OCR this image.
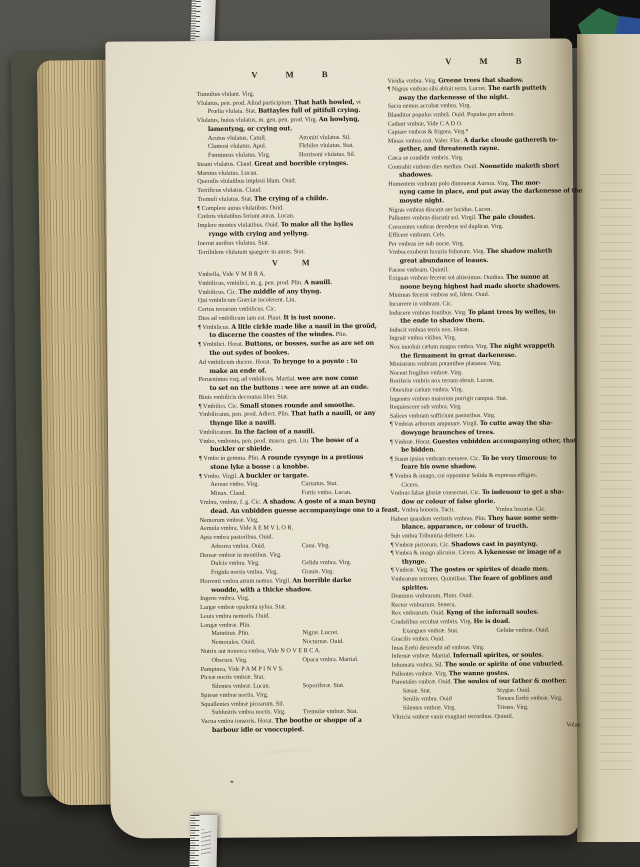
V M B
Tumultus vlulant. Virg.
Vlulatus, pen. prod. Aliud participium. That hath howled, vt
Prœlia vlulata. Stat. Battayles full of pitifull crying.
Vlulatus, huius vlulatus, m. gen. pen. prod. Virg. An howlyng,
lamentyng, or crying out.
Acutus vlulatus. Catull.	Attoniti vlulatus. Sil.
Clamosi vlulatus. Apul.	Flebiles vlulatus. Stat.
Fœmineus vlulatus. Virg.	Horrisoni vlulatus. Sil.
Insani vlulatus. Claud. Great and horrible cryinges.
Mœstus vlulatus. Lucan.
Querulis vlulatibus impleui Idam. Ouid.
Terrificus vlulatus. Claud.
Tremuli vlulatus. Stat. The crying of a childe.
¶ Complere auras vlulatibus. Ouid.
Crebris vlulatibus feriunt auras. Lucan.
Implere montes vlulatibus. Ouid. To make all the hylles
rynge with crying and yellyng.
Inerrat auribus vlulatus. Stat.
Terribilem vlulatum spargere in auras. Stat.
V M
Vmbella, Vide V M B R A.
Vmbilicus, vmbilici, m. g. pen. prod. Plin. A nauill.
Vmbilicus. Cic. The middle of any thyng.
Qui vmbilicum Græciæ incolerent. Liu.
Certus terrarum vmbilicus. Cic.
Dies ad vmbilicum iam est. Plaut. It is iust noone.
¶ Vmbilicus. A litle cirkle made like a nauil in the groũd,
to discerne the coastes of the windes. Plin.
¶ Vmbilici. Horat. Buttons, or bosses, suche as are set on
the out sydes of bookes.
Ad vmbilicum ducere. Horat. To brynge to a poynte : to
make an ende of.
Peruenimus vsq; ad vmbilicos. Martial. wee are now come
to set on the buttons : wee are nowe at an ende.
Binis vmbilicis decoratus liber. Stat.
¶ Vmbilici. Cic. Small stones rounde and smoothe.
Vmbilicatus, pen. prod. Adiect. Plin. That hath a nauill, or any
thynge like a nauill.
Vmbilicatum. In the facion of a nauill.
Vmbo, vmbonis, pen. prod. mascu. gen. Liu. The bosse of a
buckler or shielde.
¶ Vmbo in gemma. Plin. A rounde rysynge in a pretious
stone lyke a bosse : a knobbe.
¶ Vmbo. Virgil. A buckler or targate.
Aereus vmbo. Virg.	Curuatus. Stat.
Minax. Claud.	Fortis vmbo. Lucan.
Vmbra, vmbræ, f. g. Cic. A shadow. A goste of a man beyng
dead. An vnbidden guesse accompanyinge one to a feast.
Nemorum vmbræ. Virg.
Aemula vmbra, Vide A E M V L O R.
Apta vmbra pastoribus. Ouid.
Arborea vmbra. Ouid.	Caua. Virg.
Densæ vmbræ in montibus. Virg.
Dulcis vmbra. Virg.	Gelida vmbra. Virg.
Frigida noctis vmbra. Virg.	Grauis. Virg.
Horrenti vmbra atrum nemus. Virgil. An horrible darke
woodde, with a thicke shadow.
Ingens vmbra. Virg.
Largæ vmbræ opulenta sylua. Stat.
Leuis vmbra nemoris. Ouid.
Longæ vmbræ. Plin.
Matutinæ. Plin.	Nigræ. Lucret.
Nemorales. Ouid.	Nocturnæ. Ouid.
Nutrix aut nouerca vmbra, Vide N O V E R C A.
Obscura. Virg.	Opaca vmbra. Martial.
Pampinea, Vide P A M P I N V S.
Piceæ noctis vmbræ. Stat.
Silentes vmbræ. Lucan.	Soporiferæ. Stat.
Spissæ vmbræ noctis. Virg.
Squallentes vmbræ picearum. Sil.
Sublustris vmbra noctis. Virg.	Tremulæ vmbræ. Stat.
Vacua vmbra tonsoris. Horat. The boothe or shoppe of a
barbour idle or vnoccupied.
V M B
Viridia vmbra. Virg. Greene trees that shadow.
¶ Nigras vmbras sibi abluit terra. Lucret. The earth putteth
away the darkenesse of the night.
Sacra nemus accubat vmbra. Virg.
Blanditur populus vmbrâ. Ouid. Populus pro arbore.
Cadunt vmbræ, Vide C A D O.
Captare vmbras & frigora. Virg.
Minax vmbra coit. Valer. Flac. A darke cloude gathereth to-
gether, and threateneth rayne.
Cæca se condidit vmbris. Virg.
Contrahit vmbras dies medius. Ouid. Noonetide maketh short
shadowes.
Humentem vmbram polo dimouerat Aurora. Virg. The mor-
nyng came in place, and put away the darkenesse of the
moyste night.
Nigras vmbras discutit aer lucidus. Lucret.
Pallentes vmbras discutit sol. Virgil. The pale cloudes.
Crescentes vmbras decedens sol duplicat. Virg.
Efficere vmbram. Cels.
Per vmbras ire sub nocte. Virg.
Vmbra exuberat luxuria foliorum. Virg. The shadow maketh
great abundance of leaues.
Facere vmbram. Quintil.
Exiguas vmbras fecerat sol altissimus. Ouidius. The sunne at
noone beyng highest had made shorte shadowes.
Minimas fecerat vmbras sol, Idem. Ouid.
Incurrere in vmbram. Cic.
Inducere vmbras fontibus. Virg. To plant trees by welles, to
the ende to shadow them.
Inducit vmbras terris nox. Horat.
Ingruit vmbra vitibus. Virg.
Nox inuoluit cælum magna vmbra. Virg. The night wrappeth
the firmament in great darkenesse.
Ministrans vmbram potantibus platanus. Virg.
Nocent frugibus vmbræ. Virg.
Roriferis vmbris nox terram obruit. Lucret.
Obtexitur cælum vmbra. Virg.
Ingentes vmbras maiorum porrigit campus. Stat.
Requiescere sub vmbra. Virg.
Salices vmbram sufficiunt pastoribus. Virg.
¶ Vmbras arborum amputare. Virgil. To cutte away the sha-
dowynge braunches of trees.
¶ Vmbræ. Horat. Guestes vnbidden accompanying other, that
be bidden.
¶ Suam ipsius vmbram metuere. Cic. To be very timerous: to
feare his owne shadow.
¶ Vmbra & imago, cui opponitur Solida & expressa effigies.
Cicero.
Vmbras falsæ gloriæ consectari. Cic. To indeuour to get a sha-
dow or colour of false glorie.
Vmbra honoris. Tacit.	Vmbra luxuriæ. Cic.
Habent quasdam veritatis vmbras. Plin. They haue some sem-
blance, apparance, or colour of trueth.
Sub vmbra Tribunitia delitere. Liu.
¶ Vmbræ pictorum. Cic. Shadows cast in payntyng.
¶ Vmbra & imago alicuius. Cicero. A lykenesse or image of a
thynge.
¶ Vmbræ. Virg. The gostes or spirites of deade men.
Vmbrarum terrores. Quintilian. The feare of goblines and
spirites.
Dominus vmbrarum, Pluto. Ouid.
Rector vmbrarum. Seneca.
Rex vmbrarum. Ouid. Kyng of the infernall soules.
Crudelibus occubat vmbris. Virg. He is dead.
Exangues vmbræ. Stat.	Gelidæ vmbræ. Ouid.
Gracilis vmbra. Ouid.
Imas Erebi descendit ad vmbras. Virg.
Infernæ vmbræ. Martial. Infernall spirites, or soules.
Inhumata vmbra. Sil. The soule or spirite of one vnburied.
Pallentes vmbræ. Virg. The wanne gostes.
Parentales vmbræ. Ouid. The soules of our father & mother.
Sæuæ. Stat.	Stygiæ. Ouid.
Senilis vmbra. Ouid	Tenues Erebi vmbræ. Virg.
Silentes vmbræ. Virg.	Tristes. Virg.
Vltricia vmbræ vanis exagitari terroribus. Quintil.
Volan.
